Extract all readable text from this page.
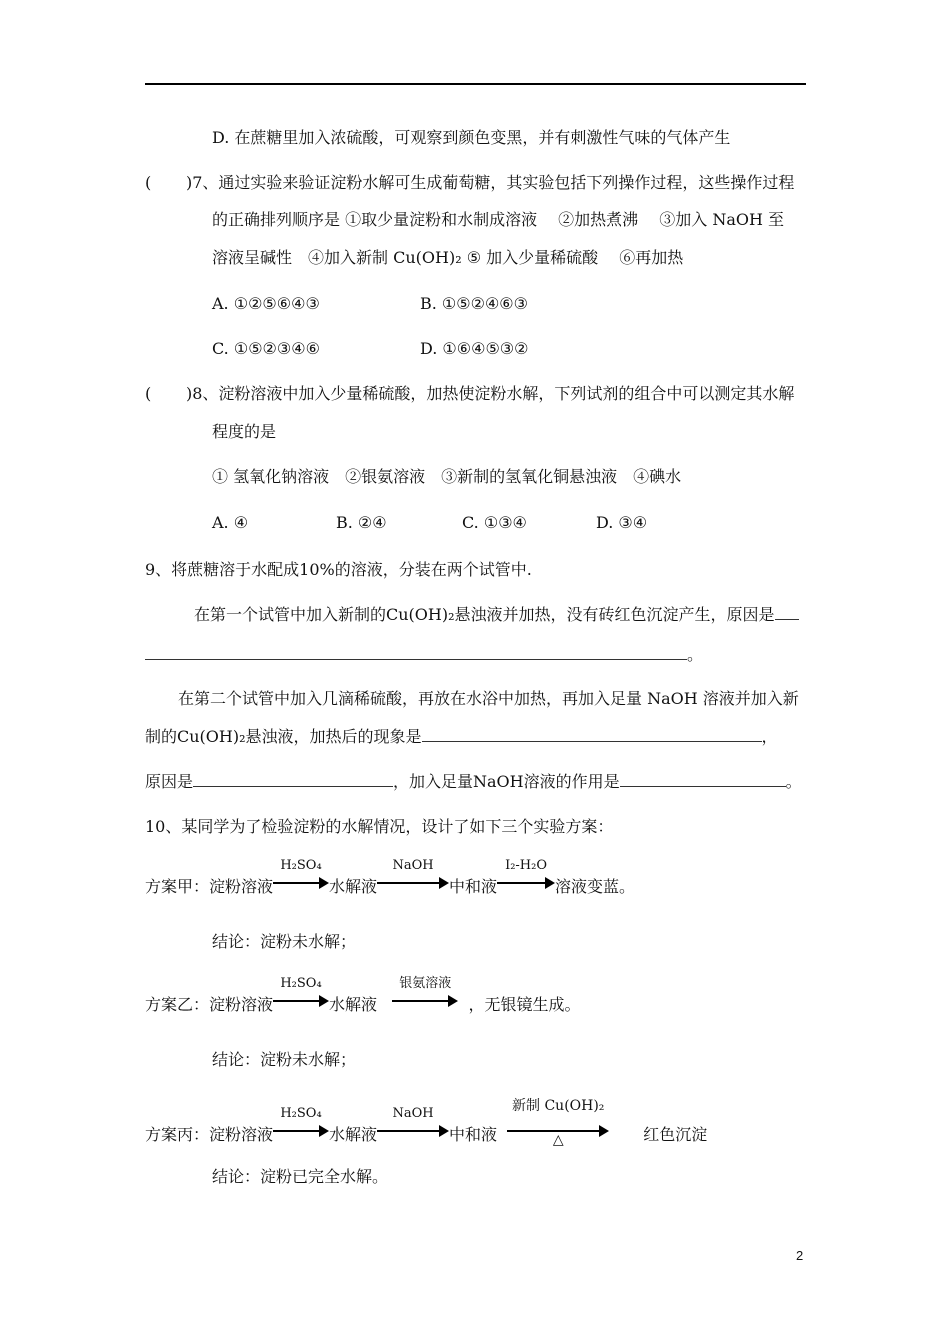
D. 在蔗糖里加入浓硫酸，可观察到颜色变黑，并有刺激性气味的气体产生
( )7、通过实验来验证淀粉水解可生成葡萄糖，其实验包括下列操作过程，这些操作过程
的正确排列顺序是 ①取少量淀粉和水制成溶液　 ②加热煮沸　 ③加入 NaOH 至
溶液呈碱性　④加入新制 Cu(OH)₂ ⑤ 加入少量稀硫酸　 ⑥再加热
A. ①②⑤⑥④③	B. ①⑤②④⑥③
C. ①⑤②③④⑥	D. ①⑥④⑤③②
( )8、淀粉溶液中加入少量稀硫酸，加热使淀粉水解，下列试剂的组合中可以测定其水解
程度的是
① 氢氧化钠溶液　②银氨溶液　③新制的氢氧化铜悬浊液　④碘水
A. ④	B. ②④	C. ①③④	D. ③④
9、将蔗糖溶于水配成10%的溶液，分装在两个试管中.
在第一个试管中加入新制的Cu(OH)₂悬浊液并加热，没有砖红色沉淀产生，原因是
。
在第二个试管中加入几滴稀硫酸，再放在水浴中加热，再加入足量 NaOH 溶液并加入新
制的Cu(OH)₂悬浊液，加热后的现象是	，
原因是	，加入足量NaOH溶液的作用是	。
10、某同学为了检验淀粉的水解情况，设计了如下三个实验方案：
方案甲：淀粉溶液
H₂SO₄
水解液
NaOH
中和液
I₂-H₂O
溶液变蓝。
结论：淀粉未水解；
方案乙：淀粉溶液
H₂SO₄
水解液
银氨溶液
，无银镜生成。
结论：淀粉未水解；
方案丙：淀粉溶液
H₂SO₄
水解液
NaOH
中和液
新制 Cu(OH)₂
△	红色沉淀
结论：淀粉已完全水解。
2
